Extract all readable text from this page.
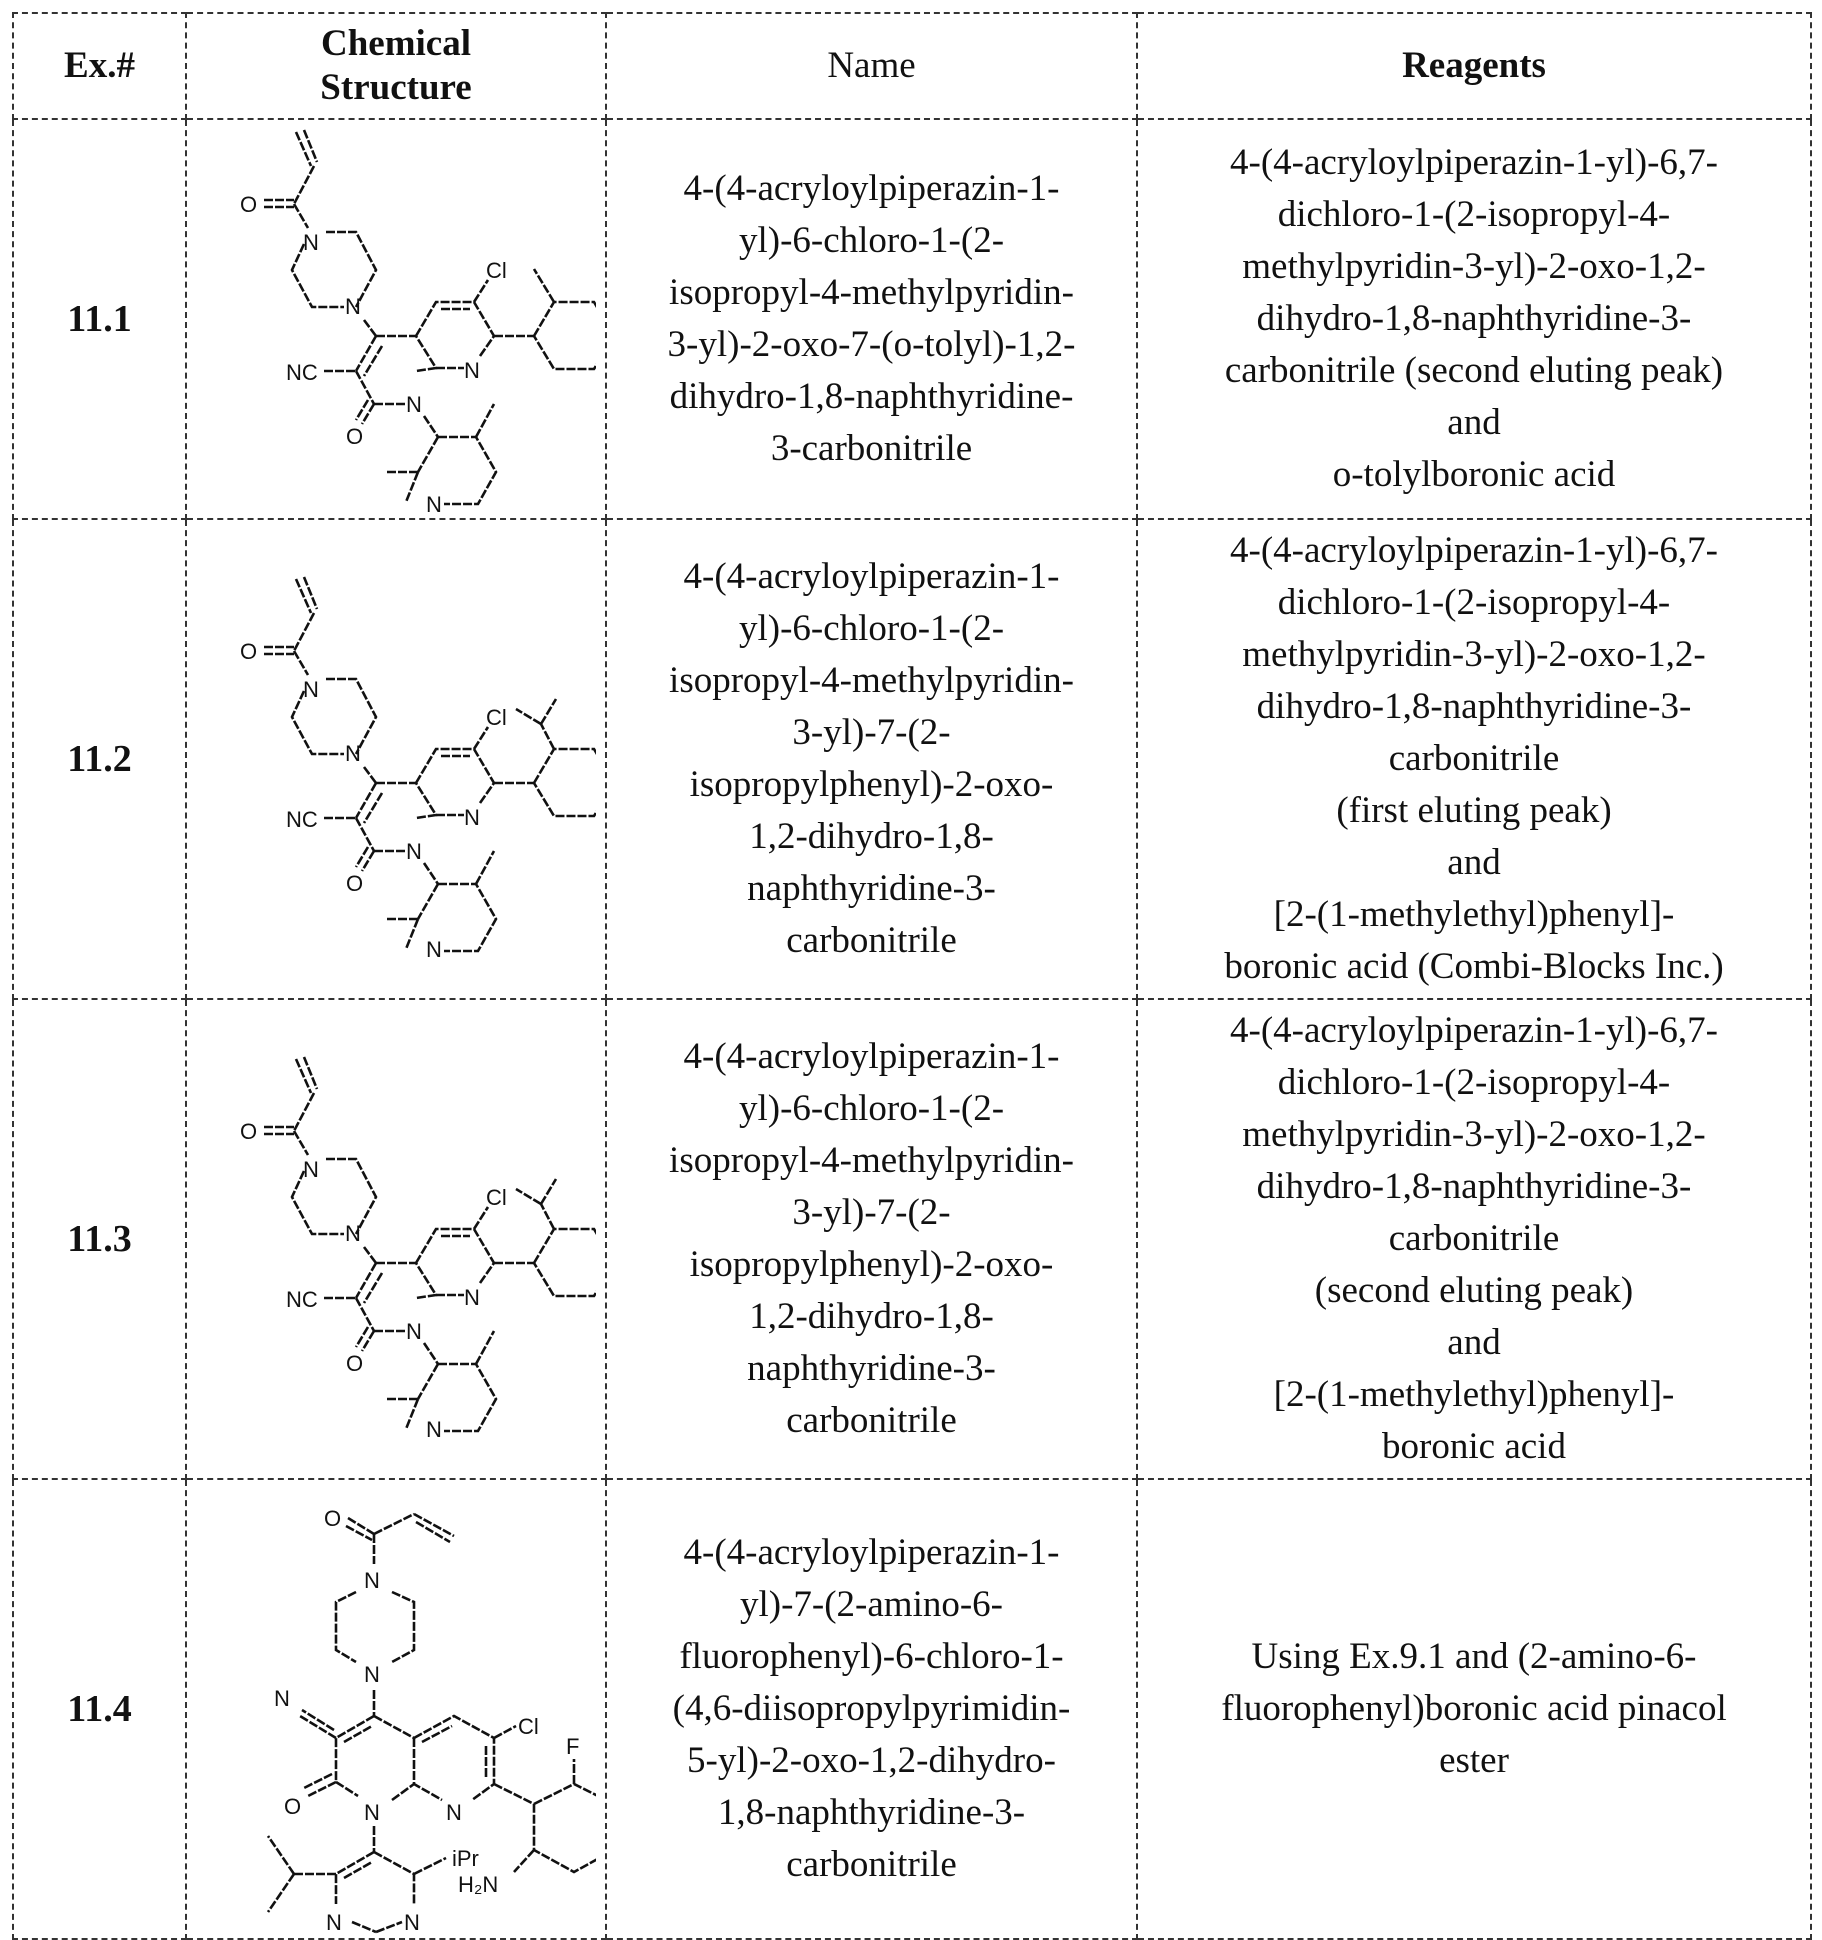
Ex.#	Chemical
Structure	Name	Reagents
11.1	
O
N
N
NC
O
N
N
Cl
N
	4-(4-acryloylpiperazin-1-
yl)-6-chloro-1-(2-
isopropyl-4-methylpyridin-
3-yl)-2-oxo-7-(o-tolyl)-1,2-
dihydro-1,8-naphthyridine-
3-carbonitrile	4-(4-acryloylpiperazin-1-yl)-6,7-
dichloro-1-(2-isopropyl-4-
methylpyridin-3-yl)-2-oxo-1,2-
dihydro-1,8-naphthyridine-3-
carbonitrile (second eluting peak)
and
o-tolylboronic acid
11.2	
O
N
N
NC
O
N
N
Cl
N
	4-(4-acryloylpiperazin-1-
yl)-6-chloro-1-(2-
isopropyl-4-methylpyridin-
3-yl)-7-(2-
isopropylphenyl)-2-oxo-
1,2-dihydro-1,8-
naphthyridine-3-
carbonitrile	4-(4-acryloylpiperazin-1-yl)-6,7-
dichloro-1-(2-isopropyl-4-
methylpyridin-3-yl)-2-oxo-1,2-
dihydro-1,8-naphthyridine-3-
carbonitrile
(first eluting peak)
and
[2-(1-methylethyl)phenyl]-
boronic acid (Combi-Blocks Inc.)
11.3	
O
N
N
NC
O
N
N
Cl
N
	4-(4-acryloylpiperazin-1-
yl)-6-chloro-1-(2-
isopropyl-4-methylpyridin-
3-yl)-7-(2-
isopropylphenyl)-2-oxo-
1,2-dihydro-1,8-
naphthyridine-3-
carbonitrile	4-(4-acryloylpiperazin-1-yl)-6,7-
dichloro-1-(2-isopropyl-4-
methylpyridin-3-yl)-2-oxo-1,2-
dihydro-1,8-naphthyridine-3-
carbonitrile
(second eluting peak)
and
[2-(1-methylethyl)phenyl]-
boronic acid
11.4	
O
N
N
N
O	N	N
Cl
F
H₂N
iPr
N	N
	4-(4-acryloylpiperazin-1-
yl)-7-(2-amino-6-
fluorophenyl)-6-chloro-1-
(4,6-diisopropylpyrimidin-
5-yl)-2-oxo-1,2-dihydro-
1,8-naphthyridine-3-
carbonitrile	Using Ex.9.1 and (2-amino-6-
fluorophenyl)boronic acid pinacol
ester
